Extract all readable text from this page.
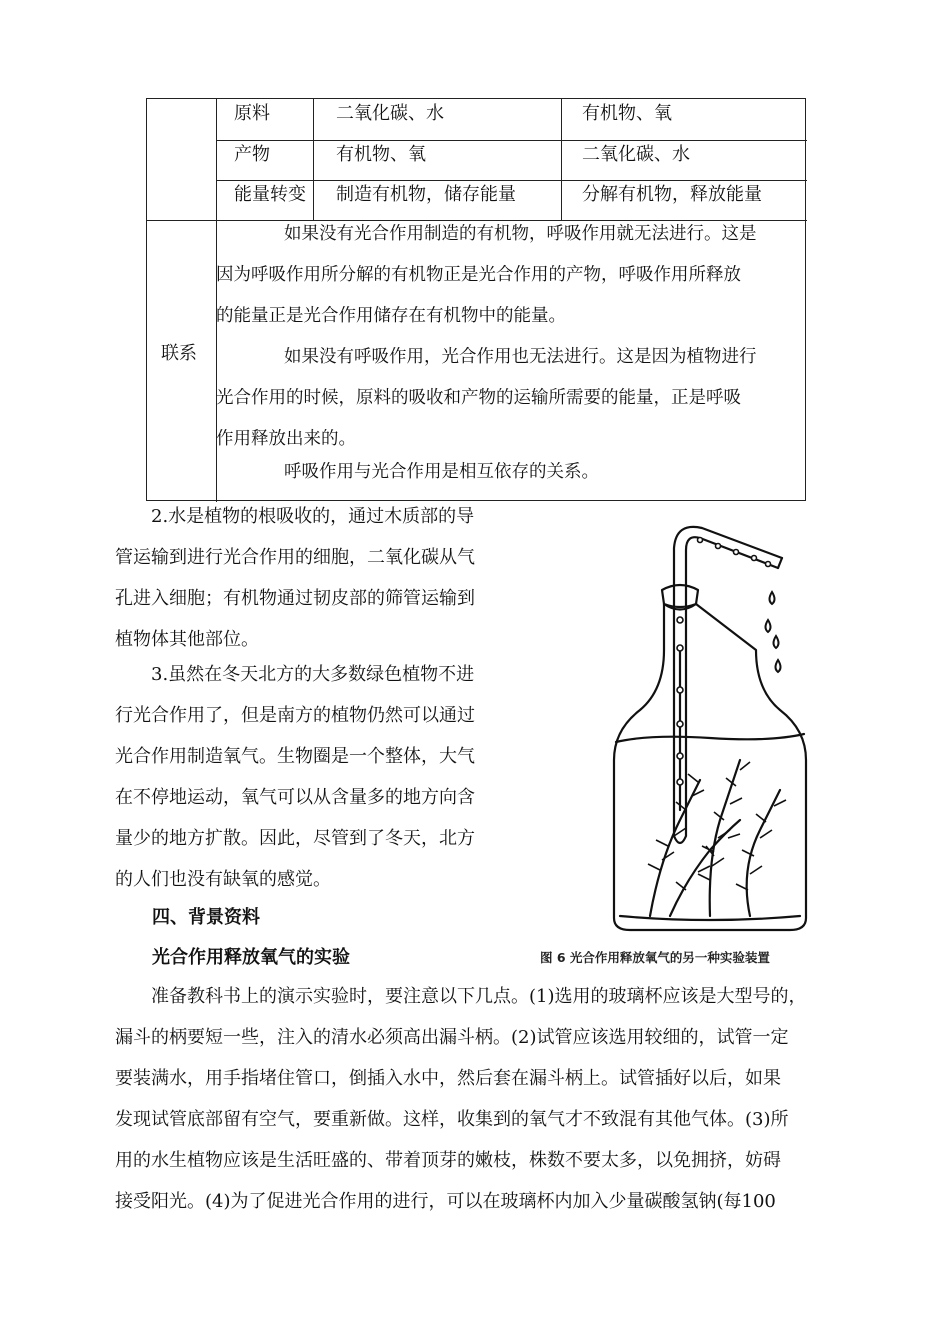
原料	二氧化碳、水	有机物、氧
产物	有机物、氧	二氧化碳、水
能量转变 制造有机物，储存能量	分解有机物，释放能量
联系
如果没有光合作用制造的有机物，呼吸作用就无法进行。这是
因为呼吸作用所分解的有机物正是光合作用的产物，呼吸作用所释放
的能量正是光合作用储存在有机物中的能量。
如果没有呼吸作用，光合作用也无法进行。这是因为植物进行
光合作用的时候，原料的吸收和产物的运输所需要的能量，正是呼吸
作用释放出来的。
呼吸作用与光合作用是相互依存的关系。
2.水是植物的根吸收的，通过木质部的导
管运输到进行光合作用的细胞，二氧化碳从气
孔进入细胞；有机物通过韧皮部的筛管运输到
植物体其他部位。
3.虽然在冬天北方的大多数绿色植物不进
行光合作用了，但是南方的植物仍然可以通过
光合作用制造氧气。生物圈是一个整体，大气
在不停地运动，氧气可以从含量多的地方向含
量少的地方扩散。因此，尽管到了冬天，北方
的人们也没有缺氧的感觉。
四、背景资料
光合作用释放氧气的实验	图 6 光合作用释放氧气的另一种实验装置
准备教科书上的演示实验时，要注意以下几点。(1)选用的玻璃杯应该是大型号的，
漏斗的柄要短一些，注入的清水必须高出漏斗柄。(2)试管应该选用较细的，试管一定
要装满水，用手指堵住管口，倒插入水中，然后套在漏斗柄上。试管插好以后，如果
发现试管底部留有空气，要重新做。这样，收集到的氧气才不致混有其他气体。(3)所
用的水生植物应该是生活旺盛的、带着顶芽的嫩枝，株数不要太多，以免拥挤，妨碍
接受阳光。(4)为了促进光合作用的进行，可以在玻璃杯内加入少量碳酸氢钠(每100
